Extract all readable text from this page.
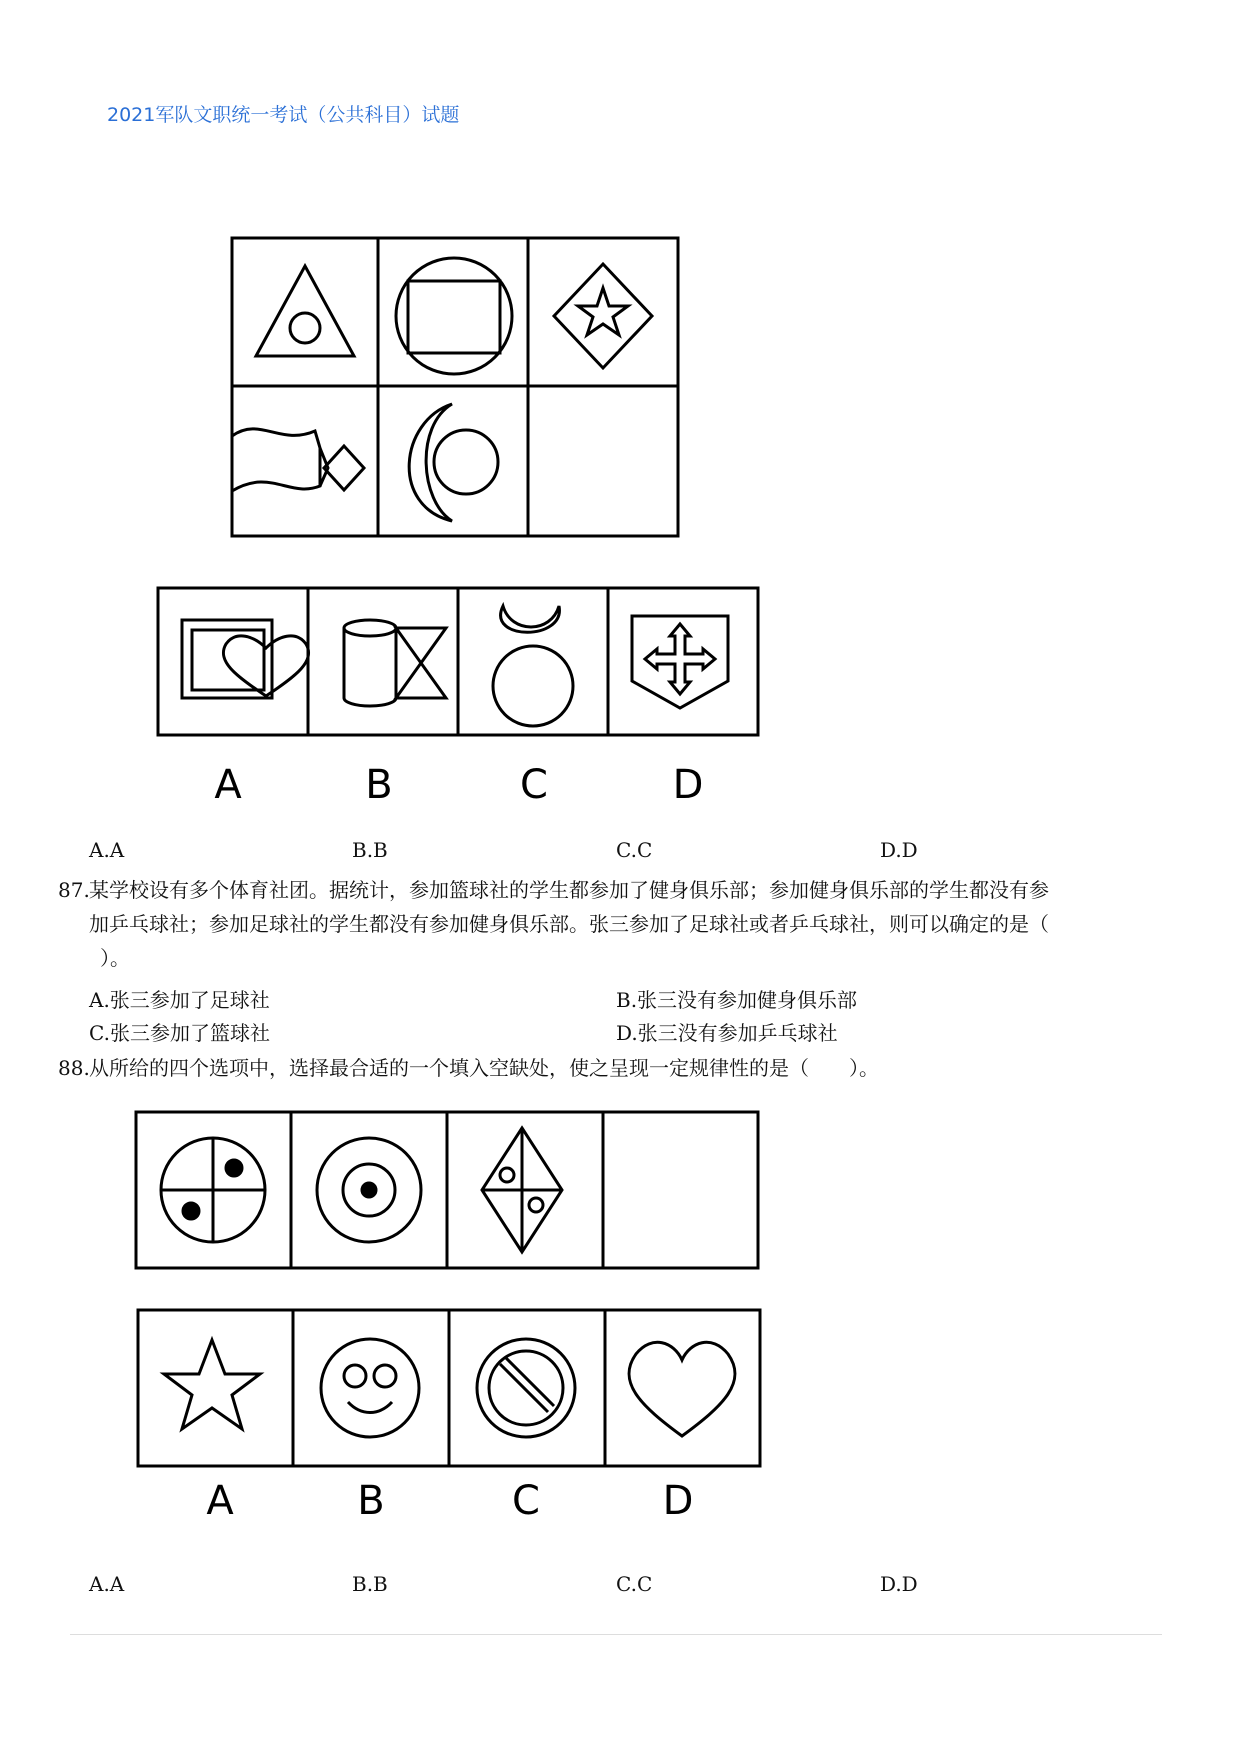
2021军队文职统一考试（公共科目）试题
A	B	C	D
A.A	B.B	C.C	D.D
87. 某学校设有多个体育社团。据统计，参加篮球社的学生都参加了健身俱乐部；参加健身俱乐部的学生都没有参
加乒乓球社；参加足球社的学生都没有参加健身俱乐部。张三参加了足球社或者乒乓球社，则可以确定的是（
）。
A.张三参加了足球社	B.张三没有参加健身俱乐部
C.张三参加了篮球社	D.张三没有参加乒乓球社
88. 从所给的四个选项中，选择最合适的一个填入空缺处，使之呈现一定规律性的是（　　）。
A	B	C	D
A.A	B.B	C.C	D.D
